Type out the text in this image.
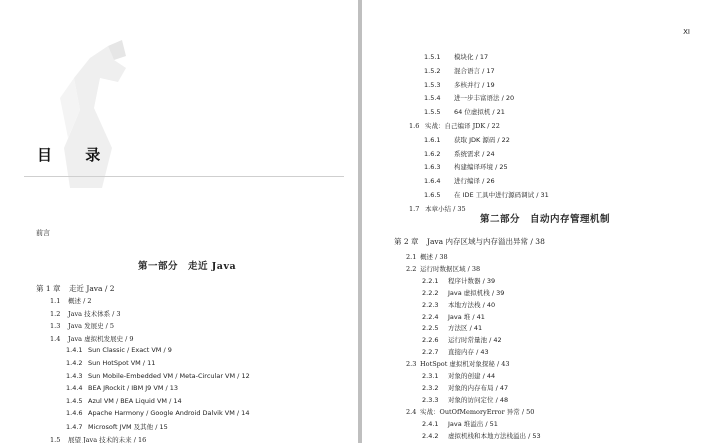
目 录
前言
第一部分　走近 Java
第 1 章 走近 Java / 2
1.1 概述 / 2
1.2 Java 技术体系 / 3
1.3 Java 发展史 / 5
1.4 Java 虚拟机发展史 / 9
1.4.1 Sun Classic / Exact VM / 9
1.4.2 Sun HotSpot VM / 11
1.4.3 Sun Mobile-Embedded VM / Meta-Circular VM / 12
1.4.4 BEA JRockit / IBM J9 VM / 13
1.4.5 Azul VM / BEA Liquid VM / 14
1.4.6 Apache Harmony / Google Android Dalvik VM / 14
1.4.7 Microsoft JVM 及其他 / 15
1.5 展望 Java 技术的未来 / 16
XI
1.5.1 模块化 / 17
1.5.2 混合语言 / 17
1.5.3 多核并行 / 19
1.5.4 进一步丰富语法 / 20
1.5.5 64 位虚拟机 / 21
1.6 实战：自己编译 JDK / 22
1.6.1 获取 JDK 源码 / 22
1.6.2 系统需求 / 24
1.6.3 构建编译环境 / 25
1.6.4 进行编译 / 26
1.6.5 在 IDE 工具中进行源码调试 / 31
1.7 本章小结 / 35
第二部分　自动内存管理机制
第 2 章 Java 内存区域与内存溢出异常 / 38
2.1 概述 / 38
2.2 运行时数据区域 / 38
2.2.1 程序计数器 / 39
2.2.2 Java 虚拟机栈 / 39
2.2.3 本地方法栈 / 40
2.2.4 Java 堆 / 41
2.2.5 方法区 / 41
2.2.6 运行时常量池 / 42
2.2.7 直接内存 / 43
2.3 HotSpot 虚拟机对象探秘 / 43
2.3.1 对象的创建 / 44
2.3.2 对象的内存布局 / 47
2.3.3 对象的访问定位 / 48
2.4 实战：OutOfMemoryError 异常 / 50
2.4.1 Java 堆溢出 / 51
2.4.2 虚拟机栈和本地方法栈溢出 / 53
